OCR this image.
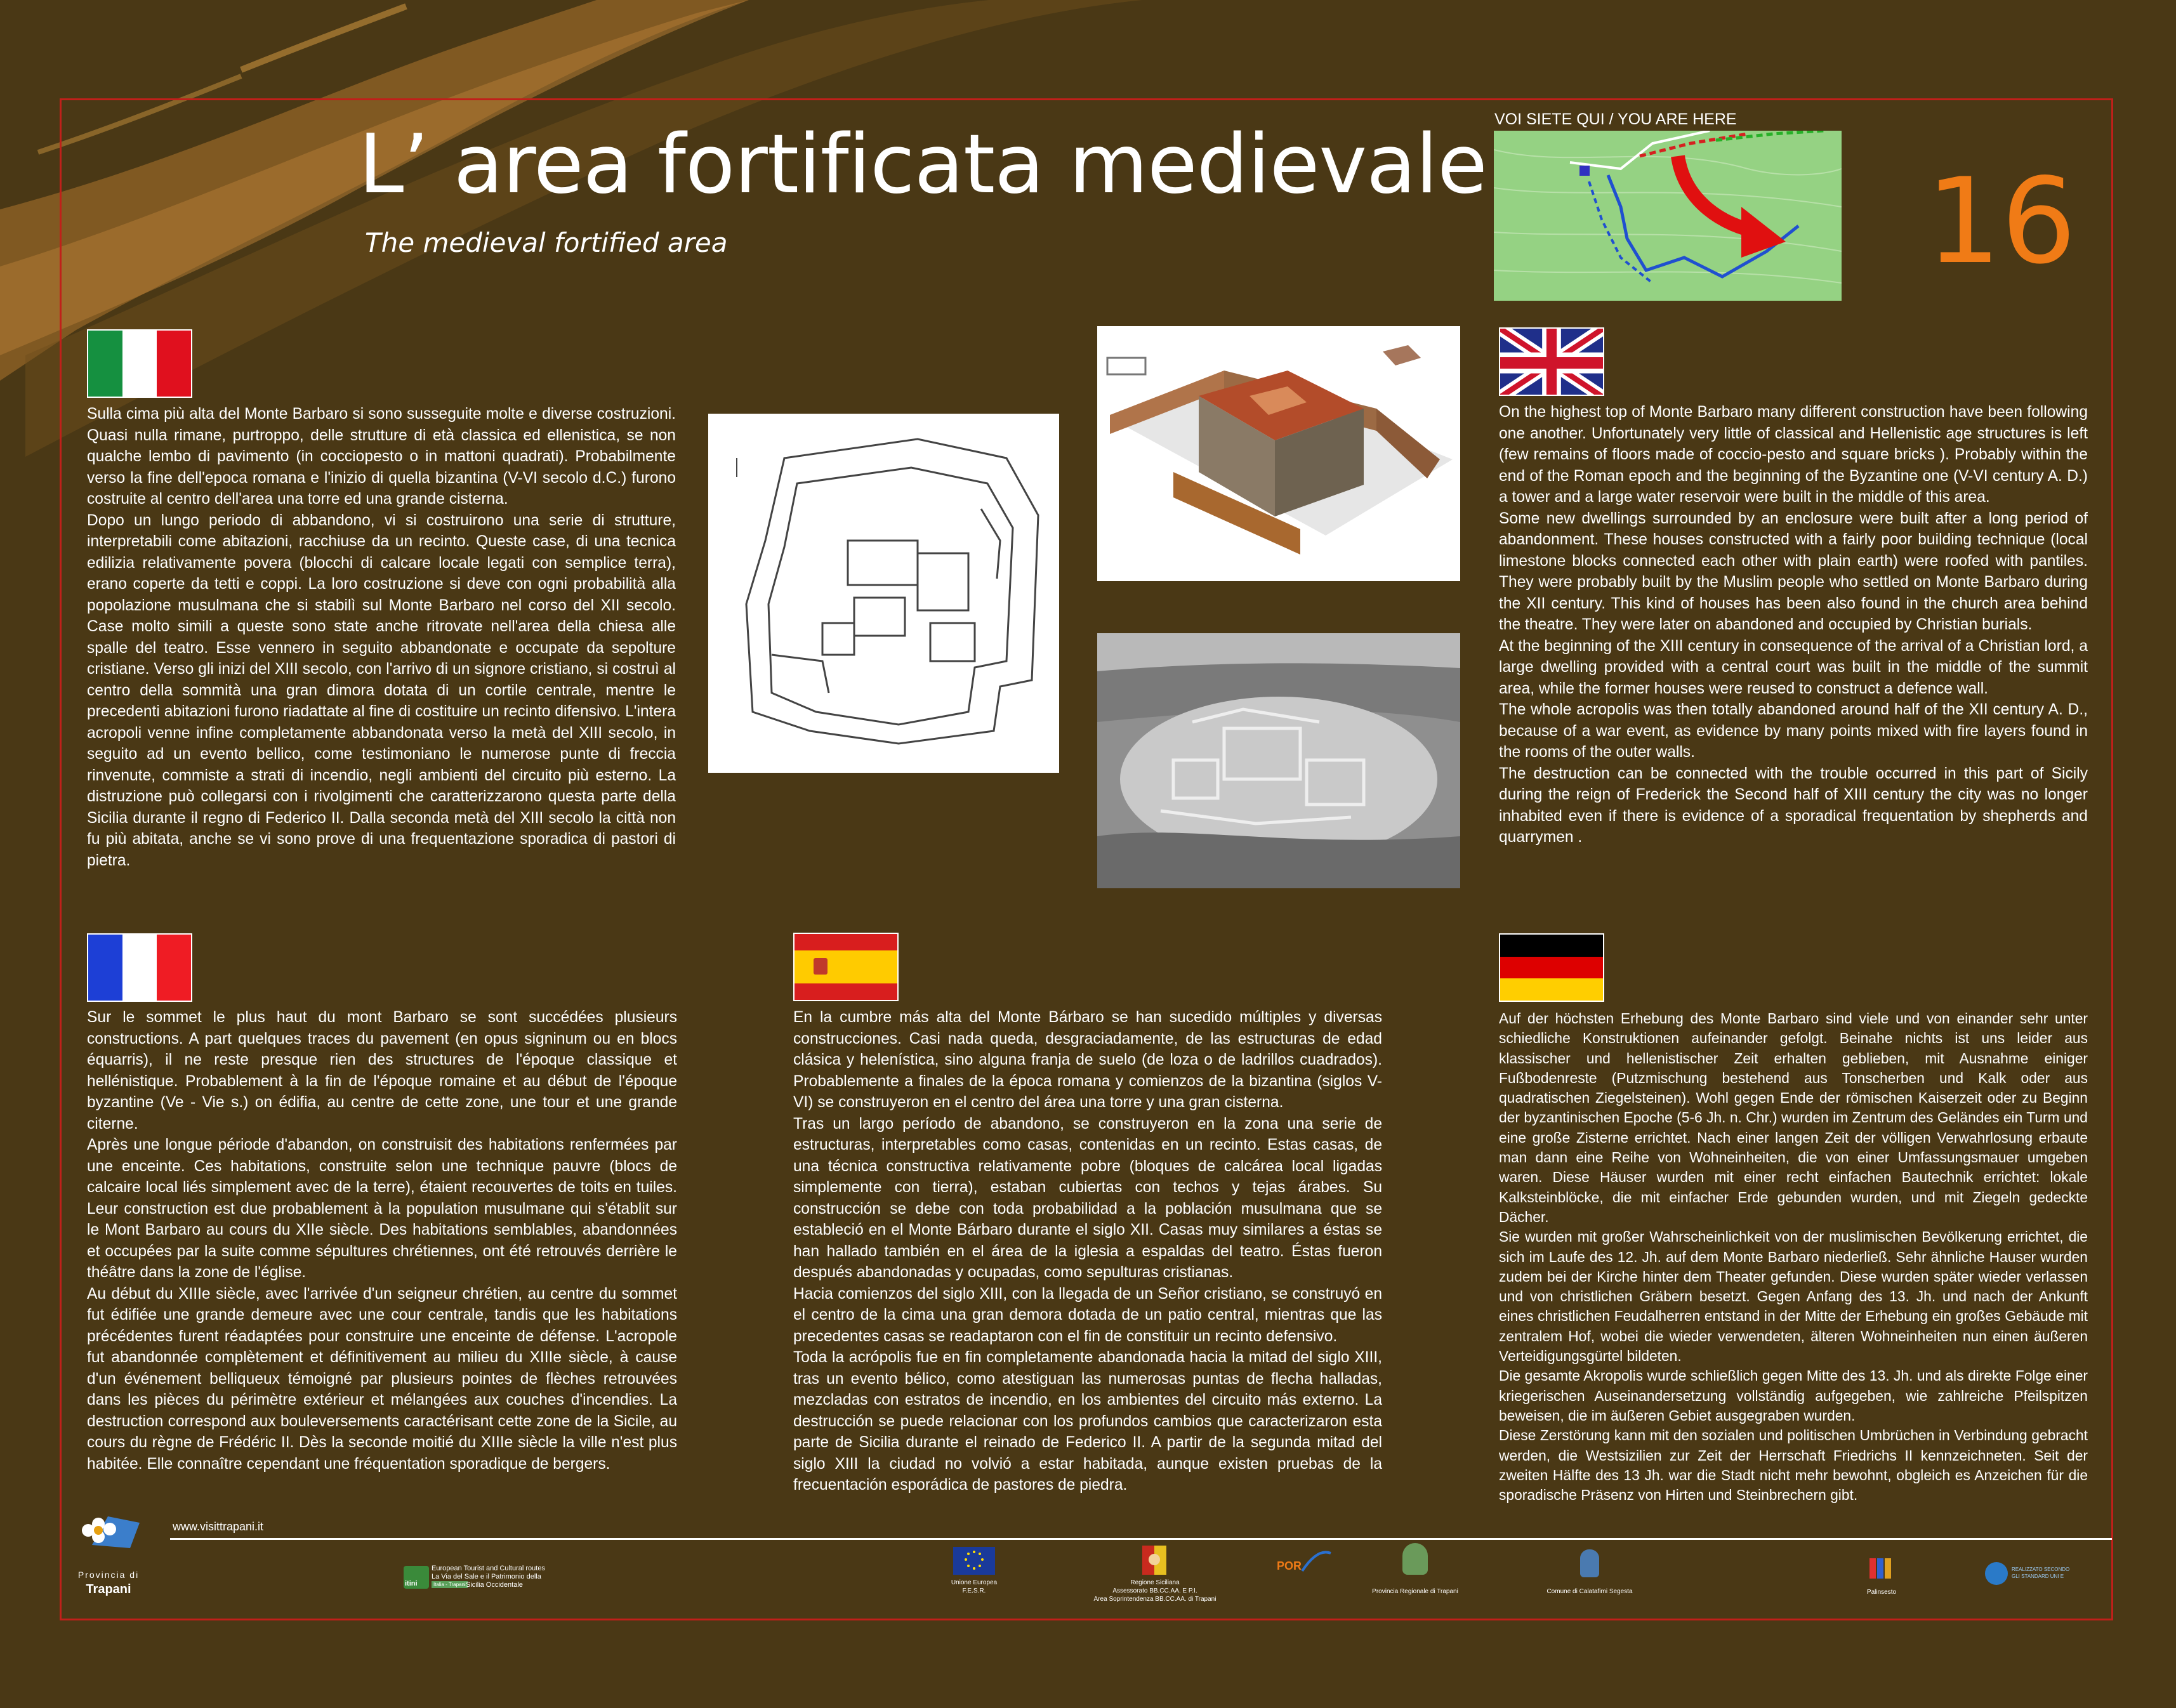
L’ area fortificata medievale
The medieval fortified area	16
VOI SIETE QUI / YOU ARE HERE

Sulla cima più alta del Monte Barbaro si sono susseguite molte e diverse costruzioni. Quasi nulla rimane, purtroppo, delle strutture di età classica ed ellenistica, se non qualche lembo di pavimento (in cocciopesto o in mattoni quadrati). Probabilmente verso la fine dell'epoca romana e l'inizio di quella bizantina (V-VI secolo d.C.) furono costruite al centro dell'area una torre ed una grande cisterna.

Dopo un lungo periodo di abbandono, vi si costruirono una serie di strutture, interpretabili come abitazioni, racchiuse da un recinto. Queste case, di una tecnica edilizia relativamente povera (blocchi di calcare locale legati con semplice terra), erano coperte da tetti e coppi. La loro costruzione si deve con ogni probabilità alla popolazione musulmana che si stabilì sul Monte Barbaro nel corso del XII secolo. Case molto simili a queste sono state anche ritrovate nell'area della chiesa alle spalle del teatro. Esse vennero in seguito abbandonate e occupate da sepolture cristiane. Verso gli inizi del XIII secolo, con l'arrivo di un signore cristiano, si costruì al centro della sommità una gran dimora dotata di un cortile centrale, mentre le precedenti abitazioni furono riadattate al fine di costituire un recinto difensivo. L'intera acropoli venne infine completamente abbandonata verso la metà del XIII secolo, in seguito ad un evento bellico, come testimoniano le numerose punte di freccia rinvenute, commiste a strati di incendio, negli ambienti del circuito più esterno. La distruzione può collegarsi con i rivolgimenti che caratterizzarono questa parte della Sicilia durante il regno di Federico II. Dalla seconda metà del XIII secolo la città non fu più abitata, anche se vi sono prove di una frequentazione sporadica di pastori di pietra.

On the highest top of Monte Barbaro many different construction have been following one another. Unfortunately very little of classical and Hellenistic age structures is left (few remains of floors made of coccio-pesto and square bricks ). Probably within the end of the Roman epoch and the beginning of the Byzantine one (V-VI century A. D.) a tower and a large water reservoir were built in the middle of this area.

Some new dwellings surrounded by an enclosure were built after a long period of abandonment. These houses constructed with a fairly poor building technique (local limestone blocks connected each other with plain earth) were roofed with pantiles. They were probably built by the Muslim people who settled on Monte Barbaro during the XII century. This kind of houses has been also found in the church area behind the theatre. They were later on abandoned and occupied by Christian burials.

At the beginning of the XIII century in consequence of the arrival of a Christian lord, a large dwelling provided with a central court was built in the middle of the summit area, while the former houses were reused to construct a defence wall.

The whole acropolis was then totally abandoned around half of the XII century A. D., because of a war event, as evidence by many points mixed with fire layers found in the rooms of the outer walls.

The destruction can be connected with the trouble occurred in this part of Sicily during the reign of Frederick the Second half of XIII century the city was no longer inhabited even if there is evidence of a sporadical frequentation by shepherds and quarrymen .

Sur le sommet le plus haut du mont Barbaro se sont succédées plusieurs constructions. A part quelques traces du pavement (en opus signinum ou en blocs équarris), il ne reste presque rien des structures de l'époque classique et hellénistique. Probablement à la fin de l'époque romaine et au début de l'époque byzantine (Ve - Vie s.) on édifia, au centre de cette zone, une tour et une grande citerne.

Après une longue période d'abandon, on construisit des habitations renfermées par une enceinte. Ces habitations, construite selon une technique pauvre (blocs de calcaire local liés simplement avec de la terre), étaient recouvertes de toits en tuiles. Leur construction est due probablement à la population musulmane qui s'établit sur le Mont Barbaro au cours du XIIe siècle. Des habitations semblables, abandonnées et occupées par la suite comme sépultures chrétiennes, ont été retrouvés derrière le théâtre dans la zone de l'église.

Au début du XIIIe siècle, avec l'arrivée d'un seigneur chrétien, au centre du sommet fut édifiée une grande demeure avec une cour centrale, tandis que les habitations précédentes furent réadaptées pour construire une enceinte de défense. L'acropole fut abandonnée complètement et définitivement au milieu du XIIIe siècle, à cause d'un événement belliqueux témoigné par plusieurs pointes de flèches retrouvées dans les pièces du périmètre extérieur et mélangées aux couches d'incendies. La destruction correspond aux bouleversements caractérisant cette zone de la Sicile, au cours du règne de Frédéric II. Dès la seconde moitié du XIIIe siècle la ville n'est plus habitée. Elle connaître cependant une fréquentation sporadique de bergers.

En la cumbre más alta del Monte Bárbaro se han sucedido múltiples y diversas construcciones. Casi nada queda, desgraciadamente, de las estructuras de edad clásica y helenística, sino alguna franja de suelo (de loza o de ladrillos cuadrados). Probablemente a finales de la época romana y comienzos de la bizantina (siglos V-VI) se construyeron en el centro del área una torre y una gran cisterna.

Tras un largo período de abandono, se construyeron en la zona una serie de estructuras, interpretables como casas, contenidas en un recinto. Estas casas, de una técnica constructiva relativamente pobre (bloques de calcárea local ligadas simplemente con tierra), estaban cubiertas con techos y tejas árabes. Su construcción se debe con toda probabilidad a la población musulmana que se estableció en el Monte Bárbaro durante el siglo XII. Casas muy similares a éstas se han hallado también en el área de la iglesia a espaldas del teatro. Éstas fueron después abandonadas y ocupadas, como sepulturas cristianas.

Hacia comienzos del siglo XIII, con la llegada de un Señor cristiano, se construyó en el centro de la cima una gran demora dotada de un patio central, mientras que las precedentes casas se readaptaron con el fin de constituir un recinto defensivo.

Toda la acrópolis fue en fin completamente abandonada hacia la mitad del siglo XIII, tras un evento bélico, como atestiguan las numerosas puntas de flecha halladas, mezcladas con estratos de incendio, en los ambientes del circuito más externo. La destrucción se puede relacionar con los profundos cambios que caracterizaron esta parte de Sicilia durante el reinado de Federico II. A partir de la segunda mitad del siglo XIII la ciudad no volvió a estar habitada, aunque existen pruebas de la frecuentación esporádica de pastores de piedra.

Auf der höchsten Erhebung des Monte Barbaro sind viele und von einander sehr unter schiedliche Konstruktionen aufeinander gefolgt. Beinahe nichts ist uns leider aus klassischer und hellenistischer Zeit erhalten geblieben, mit Ausnahme einiger Fußbodenreste (Putzmischung bestehend aus Tonscherben und Kalk oder aus quadratischen Ziegelsteinen). Wohl gegen Ende der römischen Kaiserzeit oder zu Beginn der byzantinischen Epoche (5-6 Jh. n. Chr.) wurden im Zentrum des Geländes ein Turm und eine große Zisterne errichtet. Nach einer langen Zeit der völligen Verwahrlosung erbaute man dann eine Reihe von Wohneinheiten, die von einer Umfassungsmauer umgeben waren. Diese Häuser wurden mit einer recht einfachen Bautechnik errichtet: lokale Kalksteinblöcke, die mit einfacher Erde gebunden wurden, und mit Ziegeln gedeckte Dächer.

Sie wurden mit großer Wahrscheinlichkeit von der muslimischen Bevölkerung errichtet, die sich im Laufe des 12. Jh. auf dem Monte Barbaro niederließ. Sehr ähnliche Hauser wurden zudem bei der Kirche hinter dem Theater gefunden. Diese wurden später wieder verlassen und von christlichen Gräbern besetzt. Gegen Anfang des 13. Jh. und nach der Ankunft eines christlichen Feudalherren entstand in der Mitte der Erhebung ein großes Gebäude mit zentralem Hof, wobei die wieder verwendeten, älteren Wohneinheiten nun einen äußeren Verteidigungsgürtel bildeten.

Die gesamte Akropolis wurde schließlich gegen Mitte des 13. Jh. und als direkte Folge einer kriegerischen Auseinandersetzung vollständig aufgegeben, wie zahlreiche Pfeilspitzen beweisen, die im äußeren Gebiet ausgegraben wurden.

Diese Zerstörung kann mit den sozialen und politischen Umbrüchen in Verbindung gebracht werden, die Westsizilien zur Zeit der Herrschaft Friedrichs II kennzeichneten. Seit der zweiten Hälfte des 13 Jh. war die Stadt nicht mehr bewohnt, obgleich es Anzeichen für die sporadische Präsenz von Hirten und Steinbrechern gibt.

www.visittrapani.it
Provincia di
Trapani	itini	Italia - Trapani
European Tourist and Cultural routes
La Via del Sale e il Patrimonio della
Sicilia Occidentale	Unione Europea
F.E.S.R.
Regione Siciliana
Assessorato BB.CC.AA. E P.I.
Area Soprintendenza BB.CC.AA. di Trapani
POR
Provincia Regionale di Trapani	Comune di Calatafimi Segesta	Palinsesto
REALIZZATO SECONDO
GLI STANDARD UNI E
